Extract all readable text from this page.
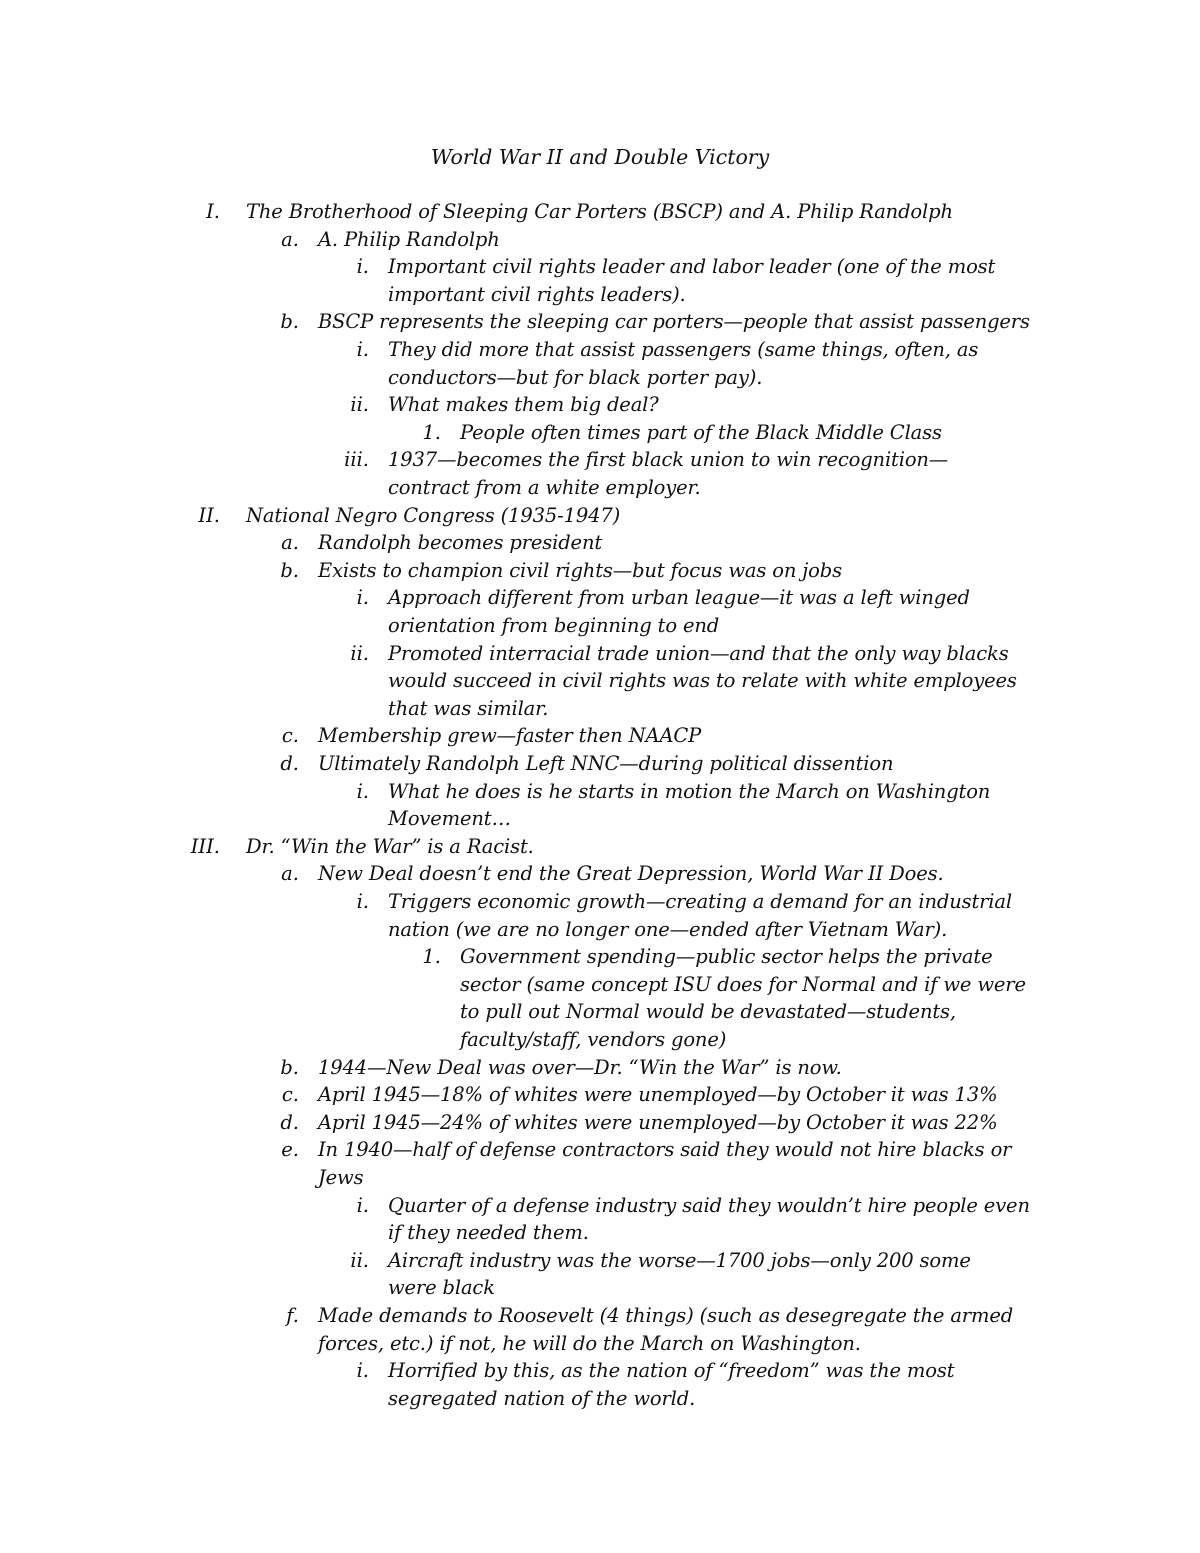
World War II and Double Victory
I. The Brotherhood of Sleeping Car Porters (BSCP) and A. Philip Randolph
a. A. Philip Randolph
i. Important civil rights leader and labor leader (one of the most
important civil rights leaders).
b. BSCP represents the sleeping car porters—people that assist passengers
i. They did more that assist passengers (same things, often, as
conductors—but for black porter pay).
ii. What makes them big deal?
1. People often times part of the Black Middle Class
iii. 1937—becomes the first black union to win recognition—
contract from a white employer.
II. National Negro Congress (1935-1947)
a. Randolph becomes president
b. Exists to champion civil rights—but focus was on jobs
i. Approach different from urban league—it was a left winged
orientation from beginning to end
ii. Promoted interracial trade union—and that the only way blacks
would succeed in civil rights was to relate with white employees
that was similar.
c. Membership grew—faster then NAACP
d. Ultimately Randolph Left NNC—during political dissention
i. What he does is he starts in motion the March on Washington
Movement…
III. Dr. “Win the War” is a Racist.
a. New Deal doesn’t end the Great Depression, World War II Does.
i. Triggers economic growth—creating a demand for an industrial
nation (we are no longer one—ended after Vietnam War).
1. Government spending—public sector helps the private
sector (same concept ISU does for Normal and if we were
to pull out Normal would be devastated—students,
faculty/staff, vendors gone)
b. 1944—New Deal was over—Dr. “Win the War” is now.
c. April 1945—18% of whites were unemployed—by October it was 13%
d. April 1945—24% of whites were unemployed—by October it was 22%
e. In 1940—half of defense contractors said they would not hire blacks or
Jews
i. Quarter of a defense industry said they wouldn’t hire people even
if they needed them.
ii. Aircraft industry was the worse—1700 jobs—only 200 some
were black
f. Made demands to Roosevelt (4 things) (such as desegregate the armed
forces, etc.) if not, he will do the March on Washington.
i. Horrified by this, as the nation of “freedom” was the most
segregated nation of the world.
